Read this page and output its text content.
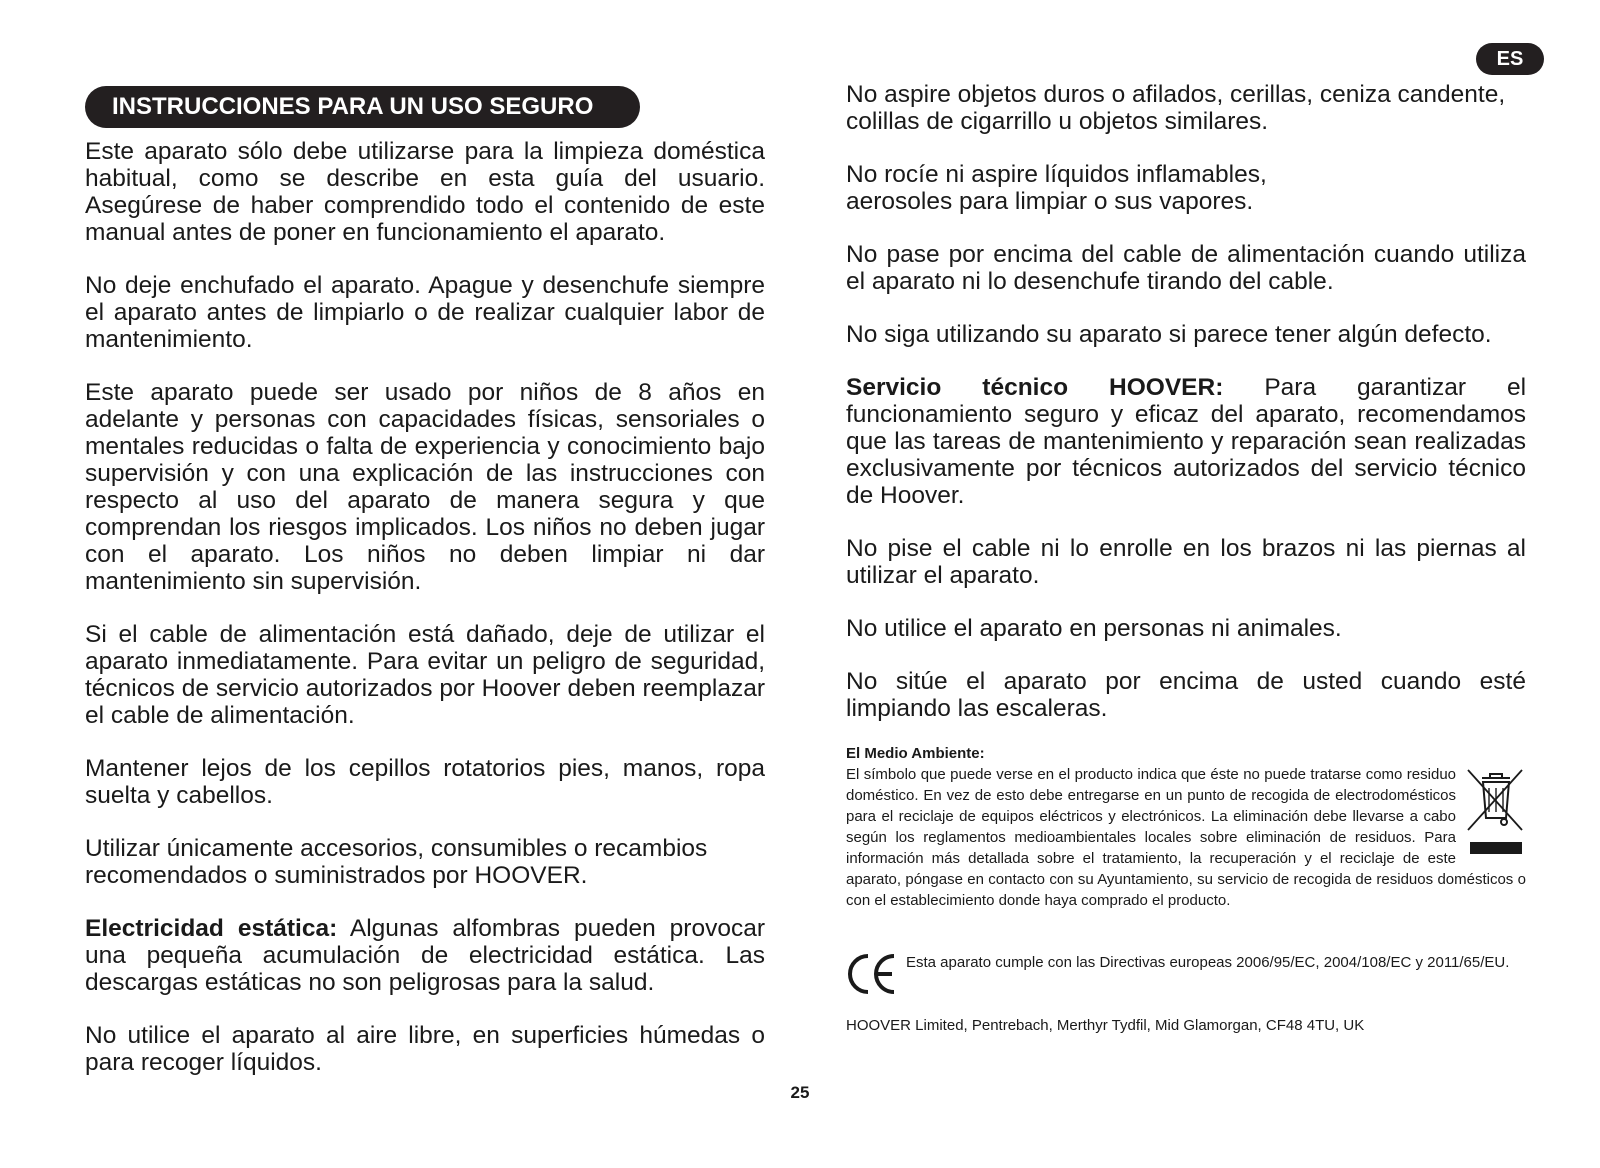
ES
INSTRUCCIONES PARA UN USO SEGURO

Este aparato sólo debe utilizarse para la limpieza doméstica habitual, como se describe en esta guía del usuario. Asegúrese de haber comprendido todo el contenido de este manual antes de poner en funcionamiento el aparato.

No deje enchufado el aparato. Apague y desenchufe siempre el aparato antes de limpiarlo o de realizar cualquier labor de mantenimiento.

Este aparato puede ser usado por niños de 8 años en adelante y personas con capacidades físicas, sensoriales o mentales reducidas o falta de experiencia y conocimiento bajo supervisión y con una explicación de las instrucciones con respecto al uso del aparato de manera segura y que comprendan los riesgos implicados. Los niños no deben jugar con el aparato. Los niños no deben limpiar ni dar mantenimiento sin supervisión.

Si el cable de alimentación está dañado, deje de utilizar el aparato inmediatamente. Para evitar un peligro de seguridad, técnicos de servicio autorizados por Hoover deben reemplazar el cable de alimentación.

Mantener lejos de los cepillos rotatorios pies, manos, ropa suelta y cabellos.

Utilizar únicamente accesorios, consumibles o recambios recomendados o suministrados por HOOVER.

Electricidad estática: Algunas alfombras pueden provocar una pequeña acumulación de electricidad estática. Las descargas estáticas no son peligrosas para la salud.

No utilice el aparato al aire libre, en superficies húmedas o para recoger líquidos.

No aspire objetos duros o afilados, cerillas, ceniza candente, colillas de cigarrillo u objetos similares.

No rocíe ni aspire líquidos inflamables,
aerosoles para limpiar o sus vapores.

No pase por encima del cable de alimentación cuando utiliza el aparato ni lo desenchufe tirando del cable.

No siga utilizando su aparato si parece tener algún defecto.

Servicio técnico HOOVER: Para garantizar el funcionamiento seguro y eficaz del aparato, recomendamos que las tareas de mantenimiento y reparación sean realizadas exclusivamente por técnicos autorizados del servicio técnico de Hoover.

No pise el cable ni lo enrolle en los brazos ni las piernas al utilizar el aparato.

No utilice el aparato en personas ni animales.

No sitúe el aparato por encima de usted cuando esté limpiando las escaleras.

El Medio Ambiente:

El símbolo que puede verse en el producto indica que éste no puede tratarse como residuo doméstico. En vez de esto debe entregarse en un punto de recogida de electrodomésticos para el reciclaje de equipos eléctricos y electrónicos. La eliminación debe llevarse a cabo según los reglamentos medioambientales locales sobre eliminación de residuos. Para información más detallada sobre el tratamiento, la recuperación y el reciclaje de este aparato, póngase en contacto con su Ayuntamiento, su servicio de recogida de residuos domésticos o con el establecimiento donde haya comprado el producto.

Esta aparato cumple con las Directivas europeas 2006/95/EC, 2004/108/EC y 2011/65/EU.

HOOVER Limited, Pentrebach, Merthyr Tydfil, Mid Glamorgan, CF48 4TU, UK

25
